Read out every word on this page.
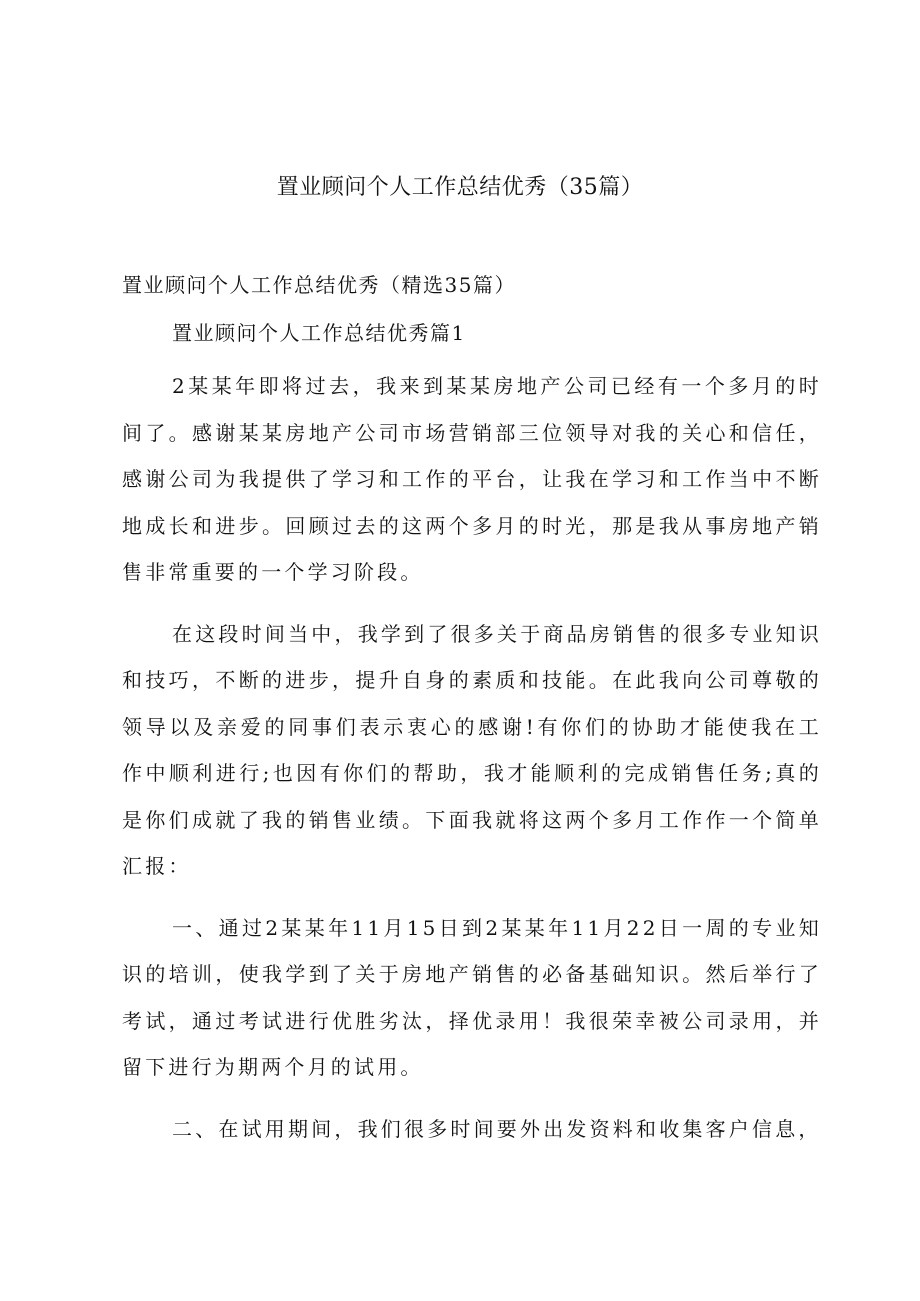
置业顾问个人工作总结优秀（35篇）

置业顾问个人工作总结优秀（精选35篇）

置业顾问个人工作总结优秀篇1

2某某年即将过去，我来到某某房地产公司已经有一个多月的时间了。感谢某某房地产公司市场营销部三位领导对我的关心和信任，感谢公司为我提供了学习和工作的平台，让我在学习和工作当中不断地成长和进步。回顾过去的这两个多月的时光，那是我从事房地产销售非常重要的一个学习阶段。

在这段时间当中，我学到了很多关于商品房销售的很多专业知识和技巧，不断的进步，提升自身的素质和技能。在此我向公司尊敬的领导以及亲爱的同事们表示衷心的感谢!有你们的协助才能使我在工作中顺利进行;也因有你们的帮助，我才能顺利的完成销售任务;真的是你们成就了我的销售业绩。下面我就将这两个多月工作作一个简单汇报：

一、通过2某某年11月15日到2某某年11月22日一周的专业知识的培训，使我学到了关于房地产销售的必备基础知识。然后举行了考试，通过考试进行优胜劣汰，择优录用！我很荣幸被公司录用，并留下进行为期两个月的试用。

二、在试用期间，我们很多时间要外出发资料和收集客户信息，
